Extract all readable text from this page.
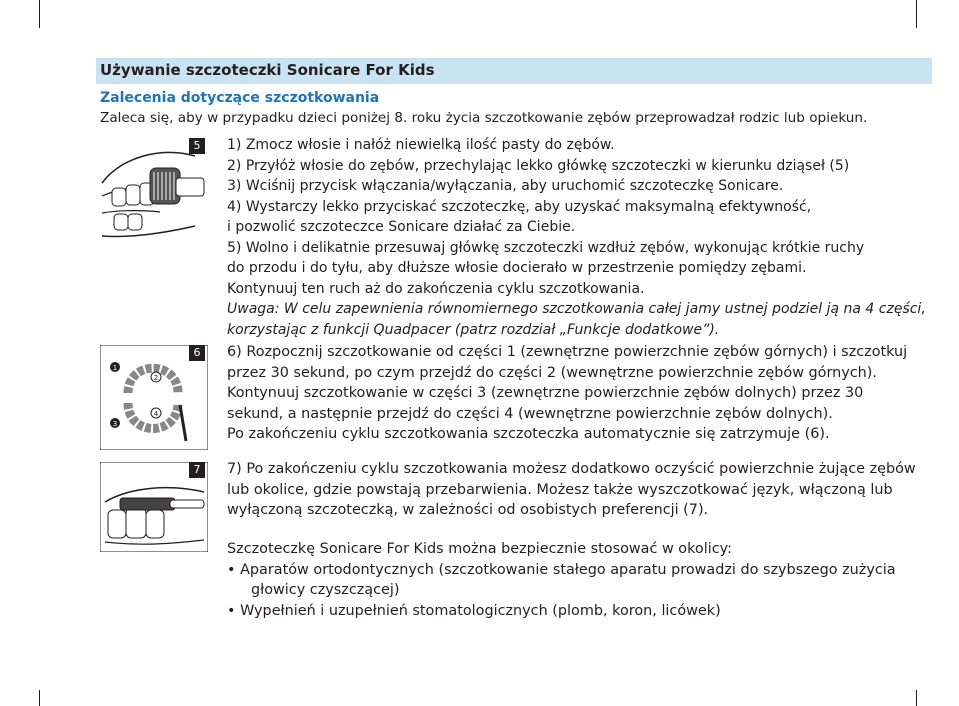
Używanie szczoteczki Sonicare For Kids
Zalecenia dotyczące szczotkowania
Zaleca się, aby w przypadku dzieci poniżej 8. roku życia szczotkowanie zębów przeprowadzał rodzic lub opiekun.
5
1
2
3
4
6
7

1) Zmocz włosie i nałóż niewielką ilość pasty do zębów.

2) Przyłóż włosie do zębów, przechylając lekko główkę szczoteczki w kierunku dziąseł (5)

3) Wciśnij przycisk włączania/wyłączania, aby uruchomić szczoteczkę Sonicare.

4) Wystarczy lekko przyciskać szczoteczkę, aby uzyskać maksymalną efektywność,

i pozwolić szczoteczce Sonicare działać za Ciebie.

5) Wolno i delikatnie przesuwaj główkę szczoteczki wzdłuż zębów, wykonując krótkie ruchy

do przodu i do tyłu, aby dłuższe włosie docierało w przestrzenie pomiędzy zębami.

Kontynuuj ten ruch aż do zakończenia cyklu szczotkowania.

Uwaga: W celu zapewnienia równomiernego szczotkowania całej jamy ustnej podziel ją na 4 części,

korzystając z funkcji Quadpacer (patrz rozdział „Funkcje dodatkowe”).

6) Rozpocznij szczotkowanie od części 1 (zewnętrzne powierzchnie zębów górnych) i szczotkuj

przez 30 sekund, po czym przejdź do części 2 (wewnętrzne powierzchnie zębów górnych).

Kontynuuj szczotkowanie w części 3 (zewnętrzne powierzchnie zębów dolnych) przez 30

sekund, a następnie przejdź do części 4 (wewnętrzne powierzchnie zębów dolnych).

Po zakończeniu cyklu szczotkowania szczoteczka automatycznie się zatrzymuje (6).

7) Po zakończeniu cyklu szczotkowania możesz dodatkowo oczyścić powierzchnie żujące zębów

lub okolice, gdzie powstają przebarwienia. Możesz także wyszczotkować język, włączoną lub

wyłączoną szczoteczką, w zależności od osobistych preferencji (7).

Szczoteczkę Sonicare For Kids można bezpiecznie stosować w okolicy:

• Aparatów ortodontycznych (szczotkowanie stałego aparatu prowadzi do szybszego zużycia
głowicy czyszczącej)
• Wypełnień i uzupełnień stomatologicznych (plomb, koron, licówek)
